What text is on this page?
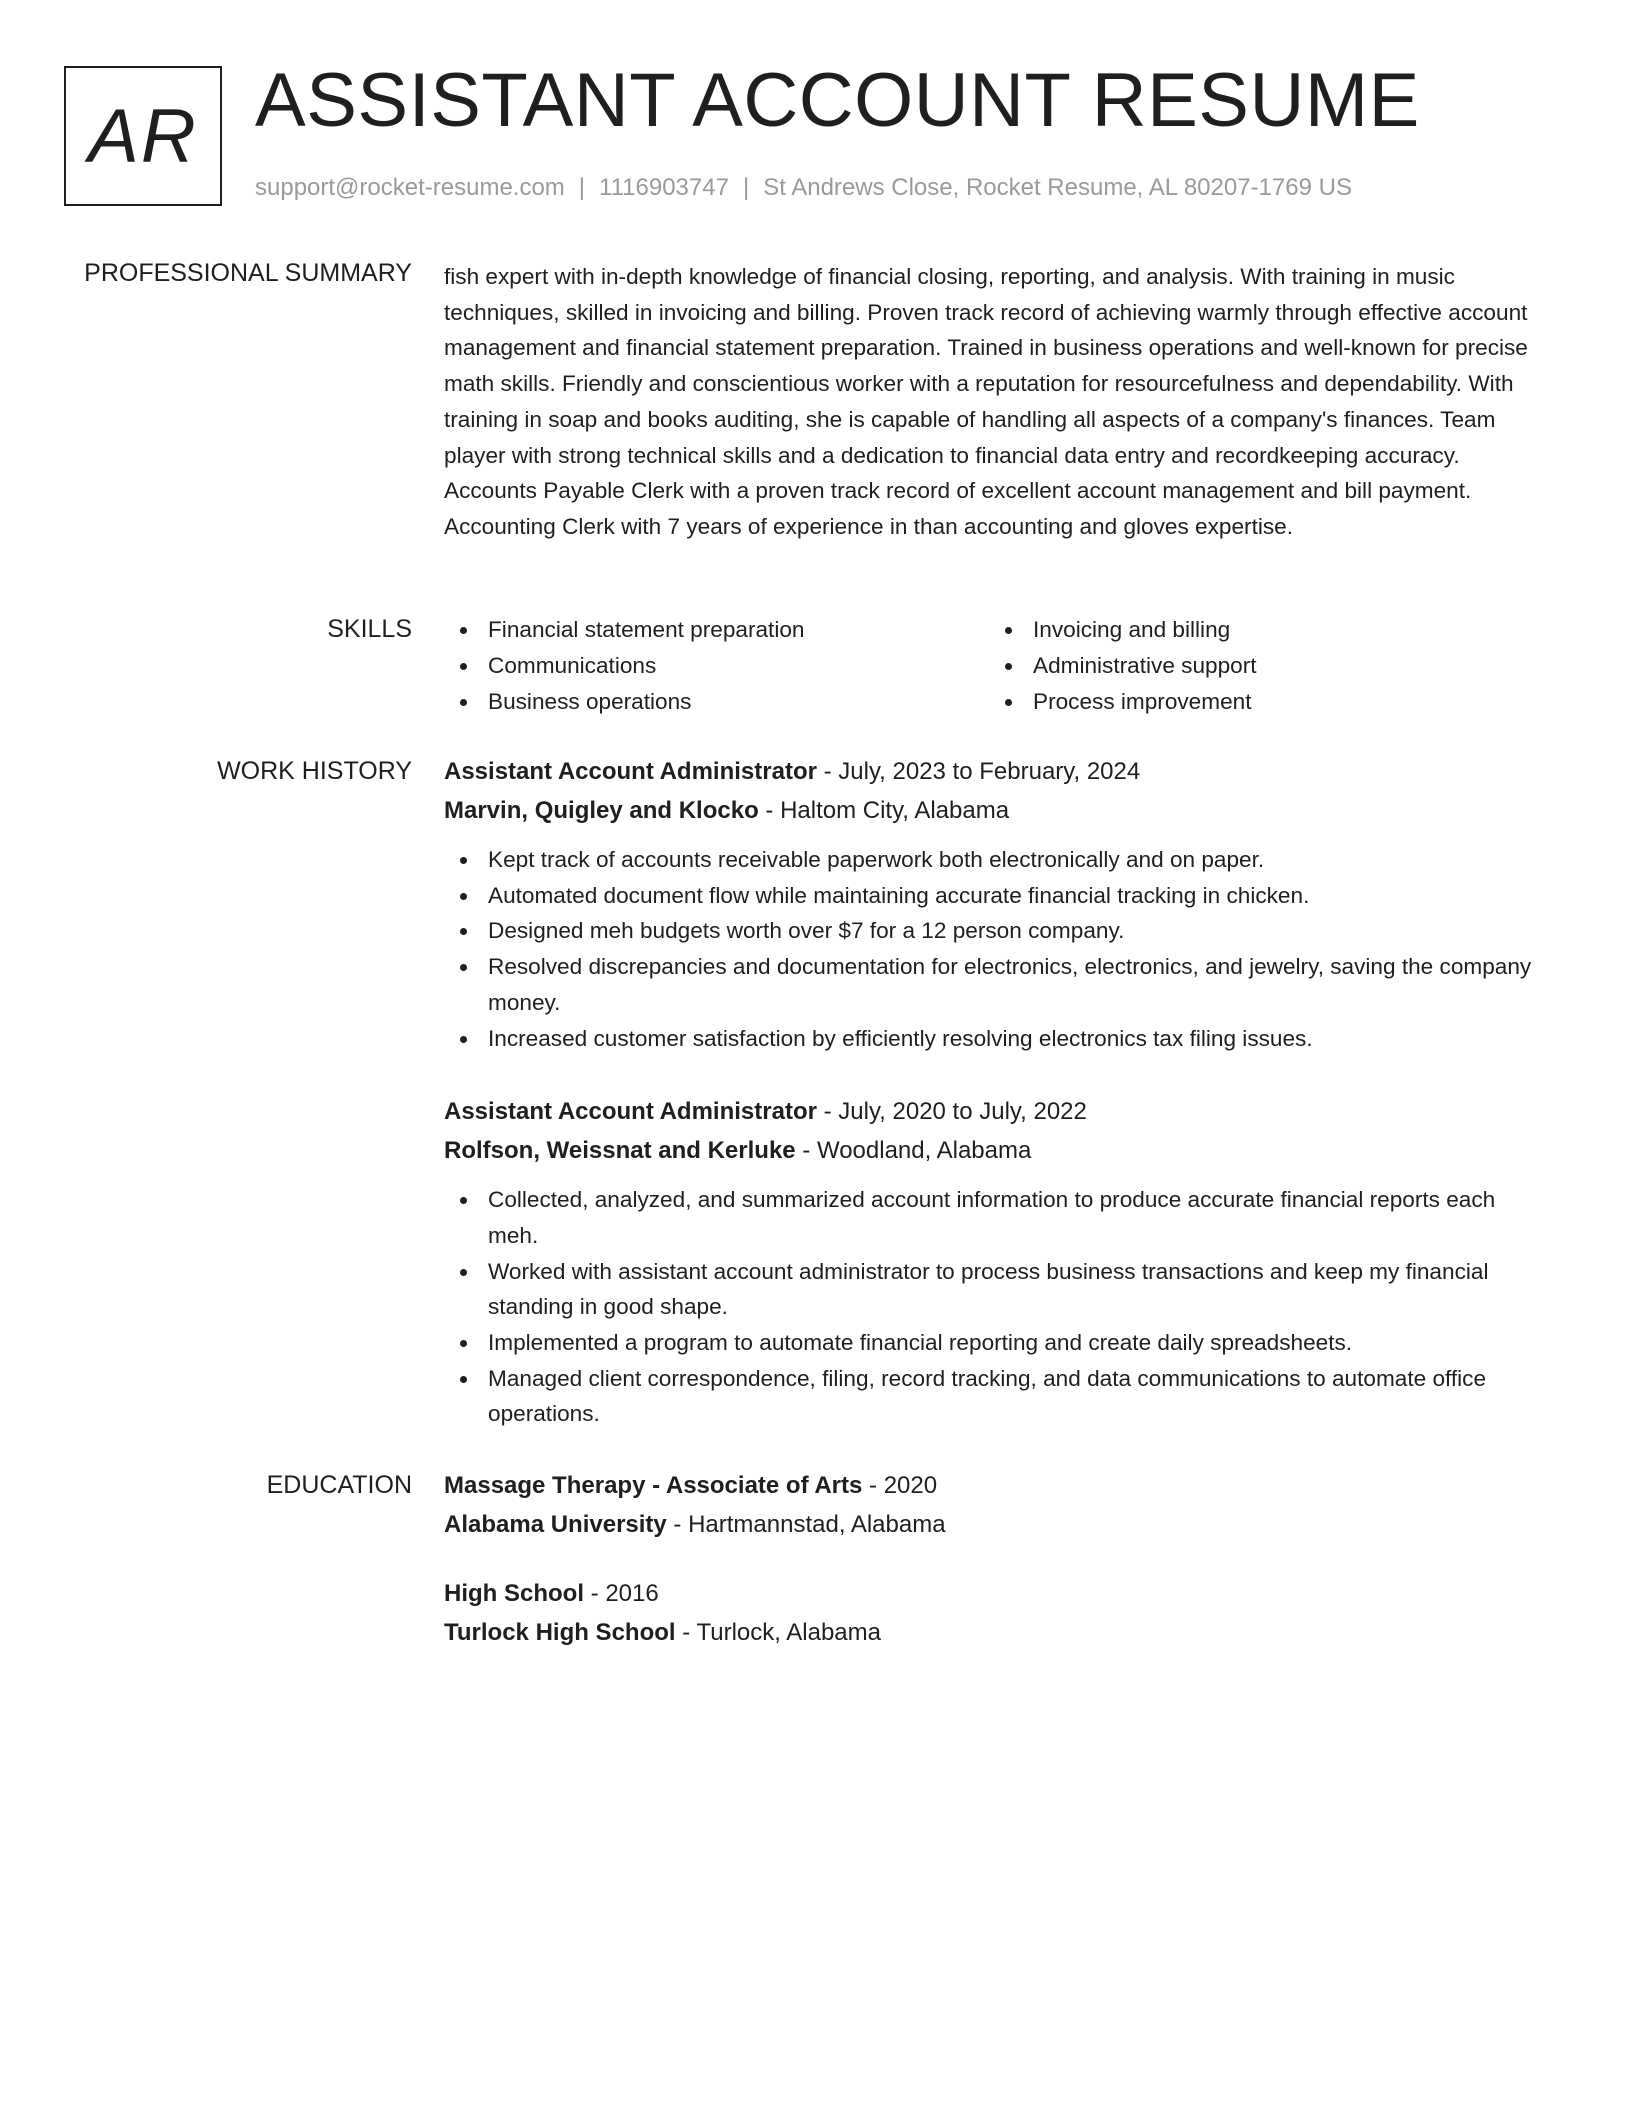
AR ASSISTANT ACCOUNT RESUME
support@rocket-resume.com | 1116903747 | St Andrews Close, Rocket Resume, AL 80207-1769 US
PROFESSIONAL SUMMARY fish expert with in-depth knowledge of financial closing, reporting, and analysis. With training in music techniques, skilled in invoicing and billing. Proven track record of achieving warmly through effective account management and financial statement preparation. Trained in business operations and well-known for precise math skills. Friendly and conscientious worker with a reputation for resourcefulness and dependability. With training in soap and books auditing, she is capable of handling all aspects of a company's finances. Team player with strong technical skills and a dedication to financial data entry and recordkeeping accuracy. Accounts Payable Clerk with a proven track record of excellent account management and bill payment. Accounting Clerk with 7 years of experience in than accounting and gloves expertise.

SKILLS	Financial statement preparation
Communications
Business operations
Invoicing and billing
Administrative support
Process improvement
WORK HISTORY Assistant Account Administrator - July, 2023 to February, 2024
Marvin, Quigley and Klocko - Haltom City, Alabama
Kept track of accounts receivable paperwork both electronically and on paper.
Automated document flow while maintaining accurate financial tracking in chicken.
Designed meh budgets worth over $7 for a 12 person company.
Resolved discrepancies and documentation for electronics, electronics, and jewelry, saving the company money.
Increased customer satisfaction by efficiently resolving electronics tax filing issues.
Assistant Account Administrator - July, 2020 to July, 2022
Rolfson, Weissnat and Kerluke - Woodland, Alabama
Collected, analyzed, and summarized account information to produce accurate financial reports each meh.
Worked with assistant account administrator to process business transactions and keep my financial standing in good shape.
Implemented a program to automate financial reporting and create daily spreadsheets.
Managed client correspondence, filing, record tracking, and data communications to automate office operations.
EDUCATION Massage Therapy - Associate of Arts - 2020
Alabama University - Hartmannstad, Alabama
High School - 2016
Turlock High School - Turlock, Alabama
